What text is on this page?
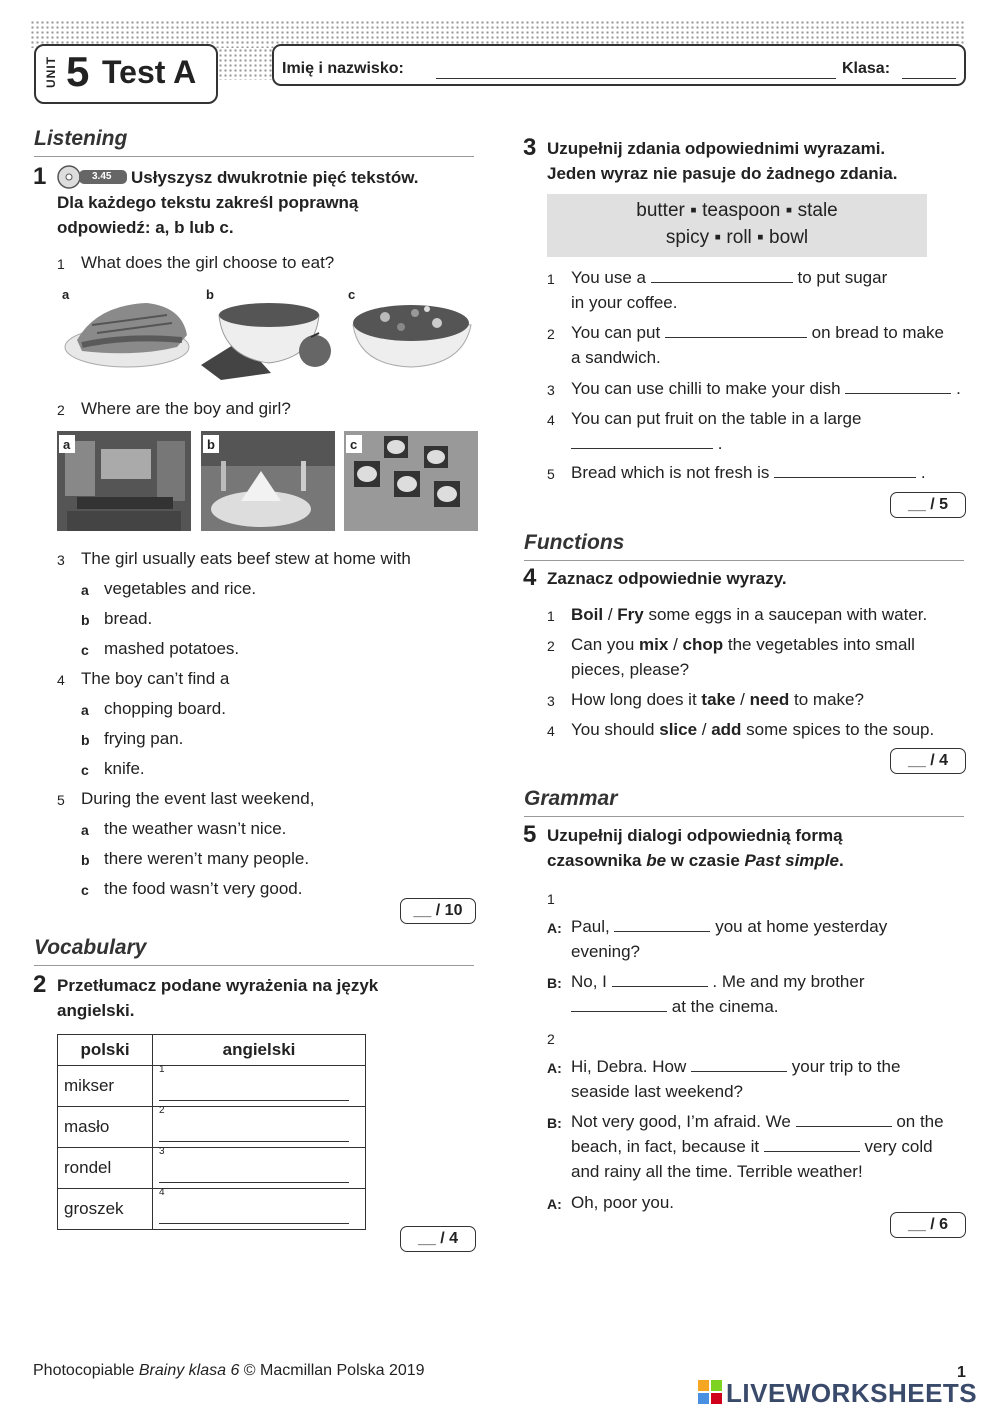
UNIT 5 Test A	Imię i nazwisko:	Klasa:
Listening
1	3.45 Usłyszysz dwukrotnie pięć tekstów.
Dla każdego tekstu zakreśl poprawną
odpowiedź: a, b lub c.
1 What does the girl choose to eat?
a	b	c
2 Where are the boy and girl?
a	b	c
3 The girl usually eats beef stew at home with
a vegetables and rice.
b bread.
c mashed potatoes.
4 The boy can’t find a
a chopping board.
b frying pan.
c knife.
5 During the event last weekend,
a the weather wasn’t nice.
b there weren’t many people.
c the food wasn’t very good.
__ / 10
Vocabulary
2 Przetłumacz podane wyrażenia na język
angielski.
polski	angielski
mikser	$^1$
masło	$^2$
rondel	$^3$
groszek	$^4$
__ / 4
3 Uzupełnij zdania odpowiednimi wyrazami.
Jeden wyraz nie pasuje do żadnego zdania.
butter ▪ teaspoon ▪ stale
spicy ▪ roll ▪ bowl
1 You use a	to put sugar
in your coffee.
2 You can put	on bread to make
a sandwich.
3 You can use chilli to make your dish	.
4 You can put fruit on the table in a large
.
5 Bread which is not fresh is	.
__ / 5
Functions
4 Zaznacz odpowiednie wyrazy.
1 Boil / Fry some eggs in a saucepan with water.
2 Can you mix / chop the vegetables into small
pieces, please?
3 How long does it take / need to make?
4 You should slice / add some spices to the soup.
__ / 4
Grammar
5 Uzupełnij dialogi odpowiednią formą
czasownika be w czasie Past simple.
1
A: Paul,	you at home yesterday
evening?
B: No, I	. Me and my brother
at the cinema.
2
A: Hi, Debra. How	your trip to the
seaside last weekend?
B: Not very good, I’m afraid. We	on the
beach, in fact, because it	very cold
and rainy all the time. Terrible weather!
A: Oh, poor you.
__ / 6
Photocopiable Brainy klasa 6 © Macmillan Polska 2019	1
LIVEWORKSHEETS
